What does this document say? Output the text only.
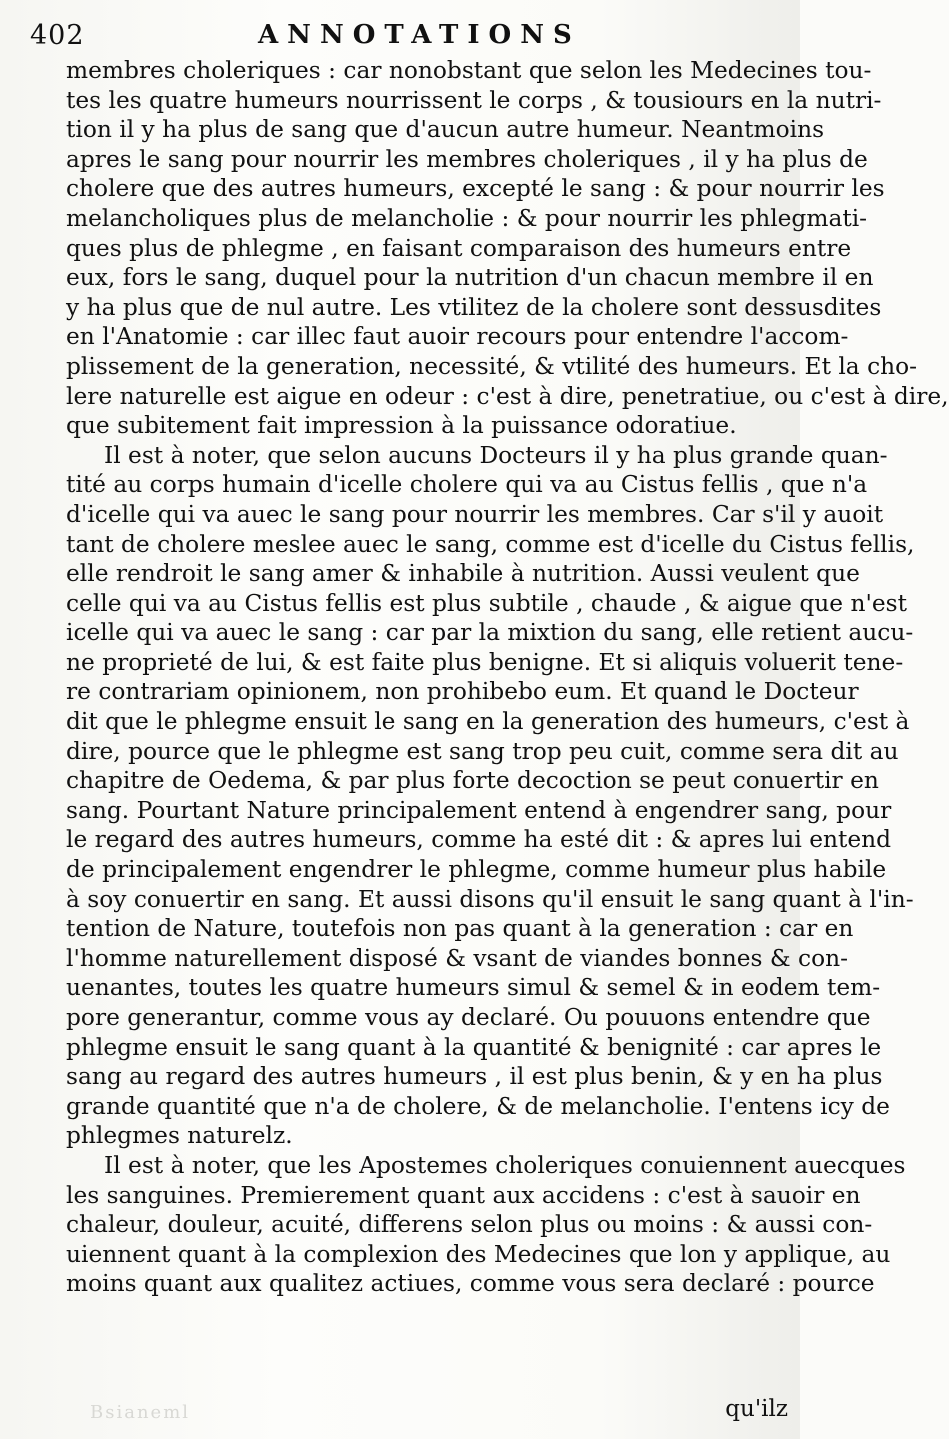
402	ANNOTATIONS
membres choleriques : car nonobstant que selon les Medecines tou-
tes les quatre humeurs nourrissent le corps , & tousiours en la nutri-
tion il y ha plus de sang que d'aucun autre humeur. Neantmoins
apres le sang pour nourrir les membres choleriques , il y ha plus de
cholere que des autres humeurs, excepté le sang : & pour nourrir les
melancholiques plus de melancholie : & pour nourrir les phlegmati-
ques plus de phlegme , en faisant comparaison des humeurs entre
eux, fors le sang, duquel pour la nutrition d'un chacun membre il en
y ha plus que de nul autre. Les vtilitez de la cholere sont dessusdites
en l'Anatomie : car illec faut auoir recours pour entendre l'accom-
plissement de la generation, necessité, & vtilité des humeurs. Et la cho-
lere naturelle est aigue en odeur : c'est à dire, penetratiue, ou c'est à dire,
que subitement fait impression à la puissance odoratiue.
Il est à noter, que selon aucuns Docteurs il y ha plus grande quan-
tité au corps humain d'icelle cholere qui va au Cistus fellis , que n'a
d'icelle qui va auec le sang pour nourrir les membres. Car s'il y auoit
tant de cholere meslee auec le sang, comme est d'icelle du Cistus fellis,
elle rendroit le sang amer & inhabile à nutrition. Aussi veulent que
celle qui va au Cistus fellis est plus subtile , chaude , & aigue que n'est
icelle qui va auec le sang : car par la mixtion du sang, elle retient aucu-
ne proprieté de lui, & est faite plus benigne. Et si aliquis voluerit tene-
re contrariam opinionem, non prohibebo eum. Et quand le Docteur
dit que le phlegme ensuit le sang en la generation des humeurs, c'est à
dire, pource que le phlegme est sang trop peu cuit, comme sera dit au
chapitre de Oedema, & par plus forte decoction se peut conuertir en
sang. Pourtant Nature principalement entend à engendrer sang, pour
le regard des autres humeurs, comme ha esté dit : & apres lui entend
de principalement engendrer le phlegme, comme humeur plus habile
à soy conuertir en sang. Et aussi disons qu'il ensuit le sang quant à l'in-
tention de Nature, toutefois non pas quant à la generation : car en
l'homme naturellement disposé & vsant de viandes bonnes & con-
uenantes, toutes les quatre humeurs simul & semel & in eodem tem-
pore generantur, comme vous ay declaré. Ou pouuons entendre que
phlegme ensuit le sang quant à la quantité & benignité : car apres le
sang au regard des autres humeurs , il est plus benin, & y en ha plus
grande quantité que n'a de cholere, & de melancholie. I'entens icy de
phlegmes naturelz.
Il est à noter, que les Apostemes choleriques conuiennent auecques
les sanguines. Premierement quant aux accidens : c'est à sauoir en
chaleur, douleur, acuité, differens selon plus ou moins : & aussi con-
uiennent quant à la complexion des Medecines que lon y applique, au
moins quant aux qualitez actiues, comme vous sera declaré : pource
Bsianeml	qu'ilz
